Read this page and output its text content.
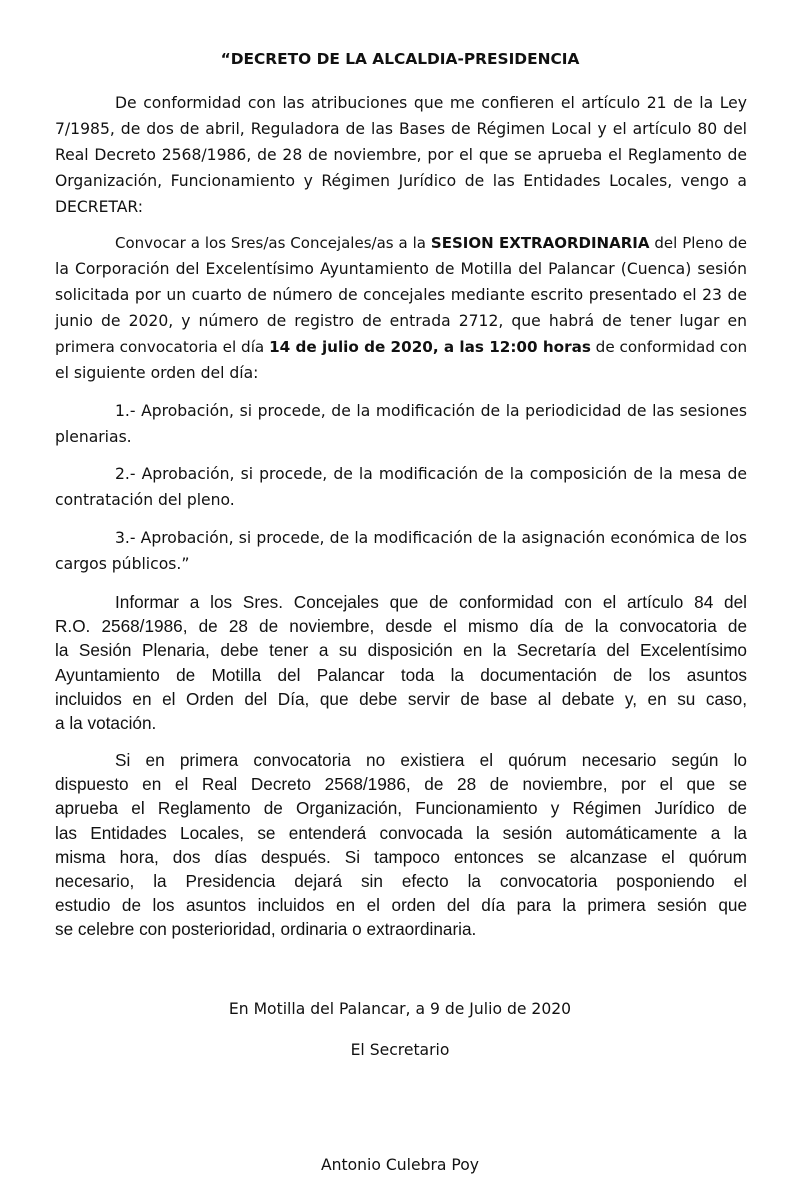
“DECRETO DE LA ALCALDIA-PRESIDENCIA

De conformidad con las atribuciones que me confieren el artículo 21 de la Ley
7/1985, de dos de abril, Reguladora de las Bases de Régimen Local y el artículo 80 del
Real Decreto 2568/1986, de 28 de noviembre, por el que se aprueba el Reglamento de
Organización, Funcionamiento y Régimen Jurídico de las Entidades Locales, vengo a
DECRETAR:

Convocar a los Sres/as Concejales/as a la SESION EXTRAORDINARIA del Pleno de
la Corporación del Excelentísimo Ayuntamiento de Motilla del Palancar (Cuenca) sesión
solicitada por un cuarto de número de concejales mediante escrito presentado el 23 de
junio de 2020, y número de registro de entrada 2712, que habrá de tener lugar en
primera convocatoria el día 14 de julio de 2020, a las 12:00 horas de conformidad con
el siguiente orden del día:

1.- Aprobación, si procede, de la modificación de la periodicidad de las sesiones
plenarias.

2.- Aprobación, si procede, de la modificación de la composición de la mesa de
contratación del pleno.

3.- Aprobación, si procede, de la modificación de la asignación económica de los
cargos públicos.”

Informar a los Sres. Concejales que de conformidad con el artículo 84 del
R.O. 2568/1986, de 28 de noviembre, desde el mismo día de la convocatoria de
la Sesión Plenaria, debe tener a su disposición en la Secretaría del Excelentísimo
Ayuntamiento de Motilla del Palancar toda la documentación de los asuntos
incluidos en el Orden del Día, que debe servir de base al debate y, en su caso,
a la votación.

Si en primera convocatoria no existiera el quórum necesario según lo
dispuesto en el Real Decreto 2568/1986, de 28 de noviembre, por el que se
aprueba el Reglamento de Organización, Funcionamiento y Régimen Jurídico de
las Entidades Locales, se entenderá convocada la sesión automáticamente a la
misma hora, dos días después. Si tampoco entonces se alcanzase el quórum
necesario, la Presidencia dejará sin efecto la convocatoria posponiendo el
estudio de los asuntos incluidos en el orden del día para la primera sesión que
se celebre con posterioridad, ordinaria o extraordinaria.

En Motilla del Palancar, a 9 de Julio de 2020

El Secretario

Antonio Culebra Poy
